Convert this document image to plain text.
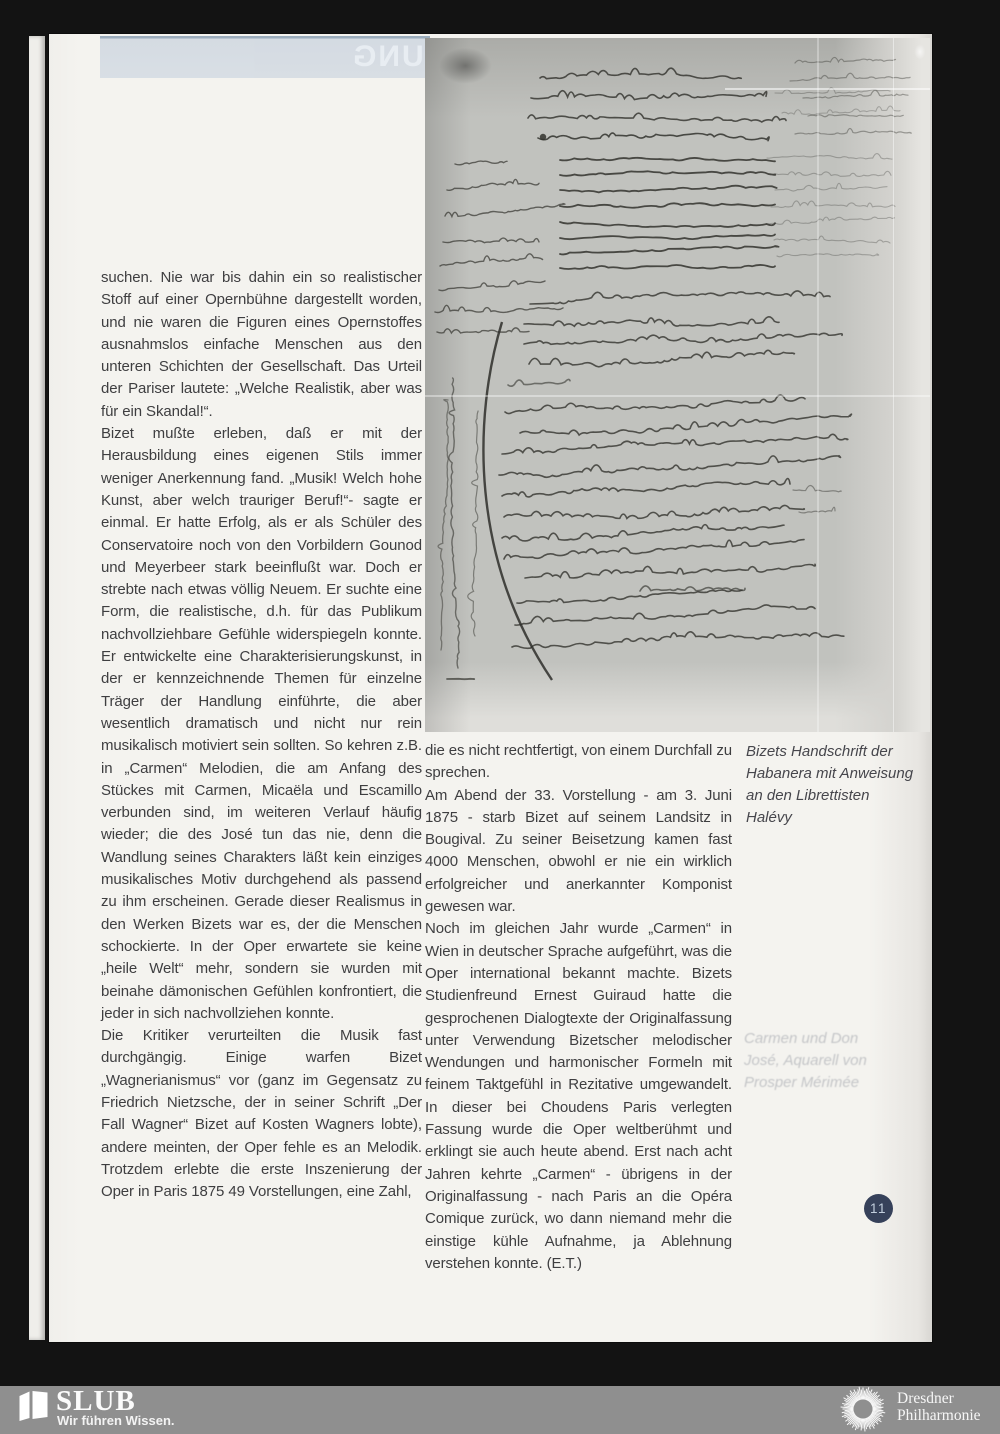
UNG

suchen. Nie war bis dahin ein so realistischer Stoff auf einer Opernbühne dargestellt worden, und nie waren die Figuren eines Opernstoffes ausnahmslos einfache Menschen aus den unteren Schichten der Gesellschaft. Das Urteil der Pariser lautete: „Welche Realistik, aber was für ein Skandal!“.

Bizet mußte erleben, daß er mit der Herausbildung eines eigenen Stils immer weniger Anerkennung fand. „Musik! Welch hohe Kunst, aber welch trauriger Beruf!“- sagte er einmal. Er hatte Erfolg, als er als Schüler des Conservatoire noch von den Vorbildern Gounod und Meyerbeer stark beeinflußt war. Doch er strebte nach etwas völlig Neuem. Er suchte eine Form, die realistische, d.h. für das Publikum nachvollziehbare Gefühle widerspiegeln konnte. Er entwickelte eine Charakterisierungskunst, in der er kennzeichnende Themen für einzelne Träger der Handlung einführte, die aber wesentlich dramatisch und nicht nur rein musikalisch motiviert sein sollten. So kehren z.B. in „Carmen“ Melodien, die am Anfang des Stückes mit Carmen, Micaëla und Escamillo verbunden sind, im weiteren Verlauf häufig wieder; die des José tun das nie, denn die Wandlung seines Charakters läßt kein einziges musikalisches Motiv durchgehend als passend zu ihm erscheinen. Gerade dieser Realismus in den Werken Bizets war es, der die Menschen schockierte. In der Oper erwartete sie keine „heile Welt“ mehr, sondern sie wurden mit beinahe dämonischen Gefühlen konfrontiert, die jeder in sich nachvollziehen konnte.

Die Kritiker verurteilten die Musik fast durchgängig. Einige warfen Bizet „Wagnerianismus“ vor (ganz im Gegensatz zu Friedrich Nietzsche, der in seiner Schrift „Der Fall Wagner“ Bizet auf Kosten Wagners lobte), andere meinten, der Oper fehle es an Melodik. Trotzdem erlebte die erste Inszenierung der Oper in Paris 1875 49 Vorstellungen, eine Zahl,

die es nicht rechtfertigt, von einem Durchfall zu sprechen.

Am Abend der 33. Vorstellung - am 3. Juni 1875 - starb Bizet auf seinem Landsitz in Bougival. Zu seiner Beisetzung kamen fast 4000 Menschen, obwohl er nie ein wirklich erfolgreicher und anerkannter Komponist gewesen war.

Noch im gleichen Jahr wurde „Carmen“ in Wien in deutscher Sprache aufgeführt, was die Oper international bekannt machte. Bizets Studienfreund Ernest Guiraud hatte die gesprochenen Dialogtexte der Originalfassung unter Verwendung Bizetscher melodischer Wendungen und harmonischer Formeln mit feinem Taktgefühl in Rezitative umgewandelt. In dieser bei Choudens Paris verlegten Fassung wurde die Oper weltberühmt und erklingt sie auch heute abend. Erst nach acht Jahren kehrte „Carmen“ - übrigens in der Originalfassung - nach Paris an die Opéra Comique zurück, wo dann niemand mehr die einstige kühle Aufnahme, ja Ablehnung verstehen konnte. (E.T.)

Bizets Handschrift der Habanera mit Anweisung an den Librettisten Halévy
Carmen und Don José, Aquarell von Prosper Mérimée
11
SLUB
Wir führen Wissen.
Dresdner
Philharmonie
